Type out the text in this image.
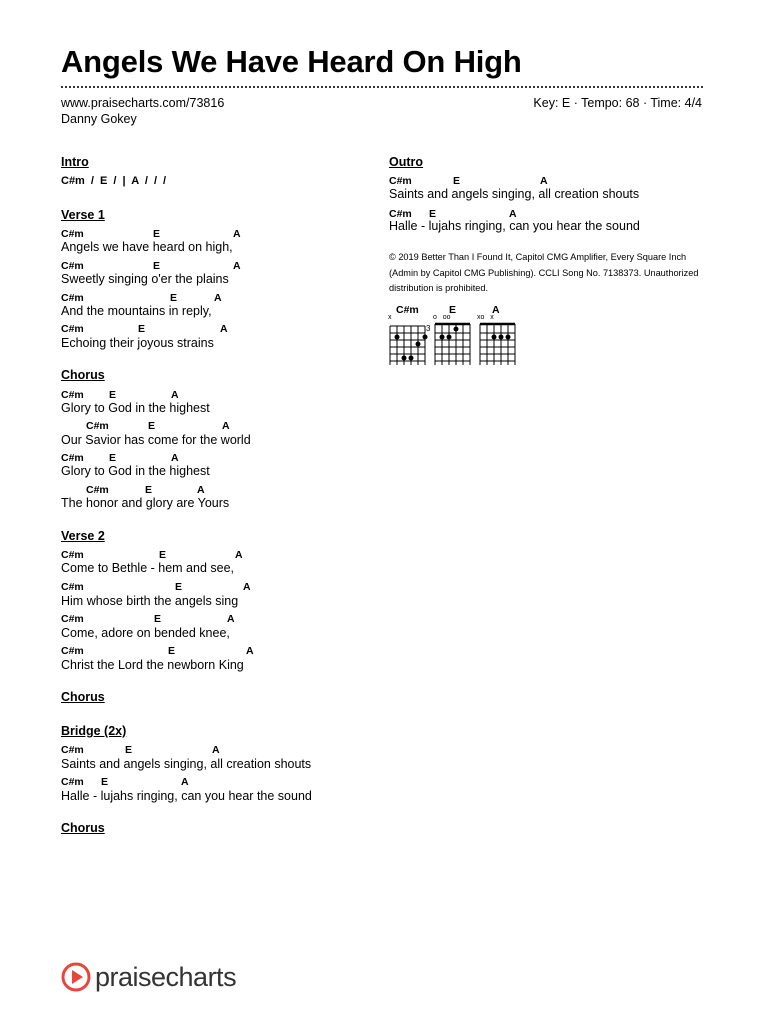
Angels We Have Heard On High
www.praisecharts.com/73816
Danny Gokey
Key: E · Tempo: 68 · Time: 4/4
Intro
C#m / E / | A / / /
Verse 1
C#m	E	A
Angels we have heard on high,
C#m	E	A
Sweetly singing o'er the plains
C#m	E	A
And the mountains in reply,
C#m	E	A
Echoing their joyous strains
Chorus
C#m E	A
Glory to God in the highest
C#m	E	A
Our Savior has come for the world
C#m E	A
Glory to God in the highest
C#m	E	A
The honor and glory are Yours
Verse 2
C#m	E	A
Come to Bethle - hem and see,
C#m	E	A
Him whose birth the angels sing
C#m	E	A
Come, adore on bended knee,
C#m	E	A
Christ the Lord the newborn King
Chorus
Bridge (2x)
C#m	E	A
Saints and angels singing, all creation shouts
C#m E	A
Halle - lujahs ringing, can you hear the sound
Chorus
Outro
C#m	E	A
Saints and angels singing, all creation shouts
C#m E	A
Halle - lujahs ringing, can you hear the sound
© 2019 Better Than I Found It, Capitol CMG Amplifier, Every Square Inch (Admin by Capitol CMG Publishing). CCLI Song No. 7138373. Unauthorized distribution is prohibited.
C#m	E	A
x	o   oo	xo   x
3
praisecharts
